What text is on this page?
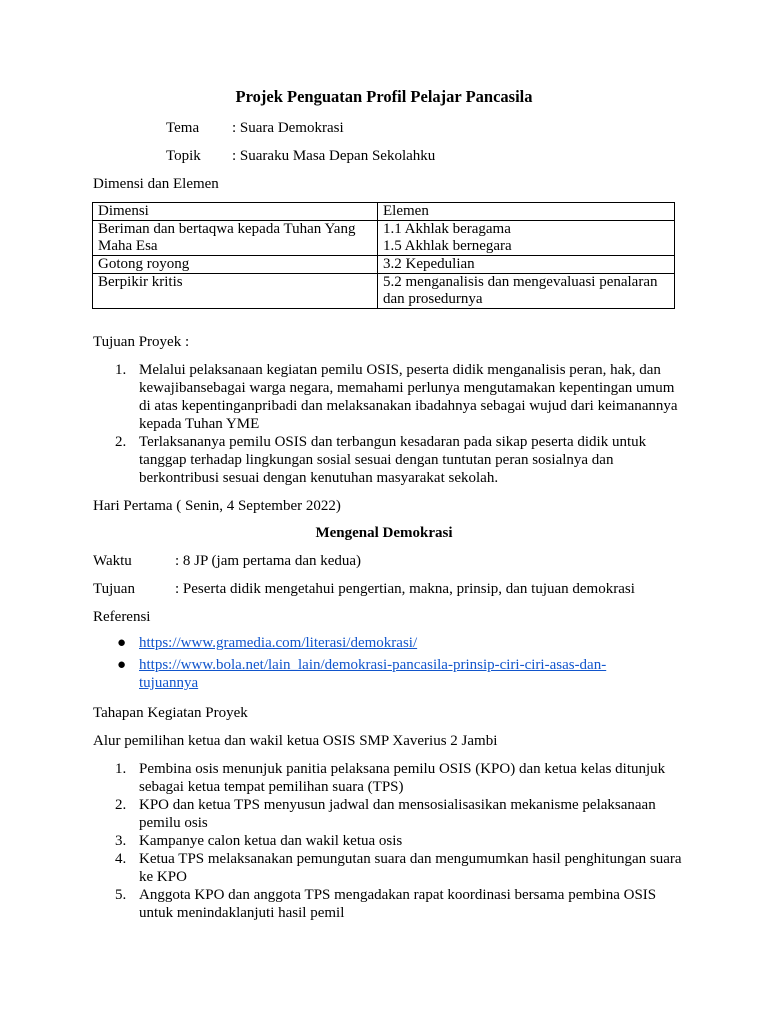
Projek Penguatan Profil Pelajar Pancasila
Tema : Suara Demokrasi
Topik : Suaraku Masa Depan Sekolahku
Dimensi dan Elemen
Dimensi	Elemen
Beriman dan bertaqwa kepada Tuhan Yang Maha Esa	1.1 Akhlak beragama
1.5 Akhlak bernegara

Gotong royong	3.2 Kepedulian

Berpikir kritis	5.2 menganalisis dan mengevaluasi penalaran dan prosedurnya
Tujuan Proyek :
1. Melalui pelaksanaan kegiatan pemilu OSIS, peserta didik menganalisis peran, hak, dan kewajibansebagai warga negara, memahami perlunya mengutamakan kepentingan umum di atas kepentinganpribadi dan melaksanakan ibadahnya sebagai wujud dari keimanannya kepada Tuhan YME
2. Terlaksananya pemilu OSIS dan terbangun kesadaran pada sikap peserta didik untuk tanggap terhadap lingkungan sosial sesuai dengan tuntutan peran sosialnya dan berkontribusi sesuai dengan kenutuhan masyarakat sekolah.
Hari Pertama ( Senin, 4 September 2022)
Mengenal Demokrasi
Waktu	: 8 JP (jam pertama dan kedua)
Tujuan	: Peserta didik mengetahui pengertian, makna, prinsip, dan tujuan demokrasi
Referensi
● https://www.gramedia.com/literasi/demokrasi/
● https://www.bola.net/lain_lain/demokrasi-pancasila-prinsip-ciri-ciri-asas-dan-tujuannya
Tahapan Kegiatan Proyek
Alur pemilihan ketua dan wakil ketua OSIS SMP Xaverius 2 Jambi
1. Pembina osis menunjuk panitia pelaksana pemilu OSIS (KPO) dan ketua kelas ditunjuk sebagai ketua tempat pemilihan suara (TPS)
2. KPO dan ketua TPS menyusun jadwal dan mensosialisasikan mekanisme pelaksanaan pemilu osis
3. Kampanye calon ketua dan wakil ketua osis
4. Ketua TPS melaksanakan pemungutan suara dan mengumumkan hasil penghitungan suara ke KPO
5. Anggota KPO dan anggota TPS mengadakan rapat koordinasi bersama pembina OSIS untuk menindaklanjuti hasil pemil
